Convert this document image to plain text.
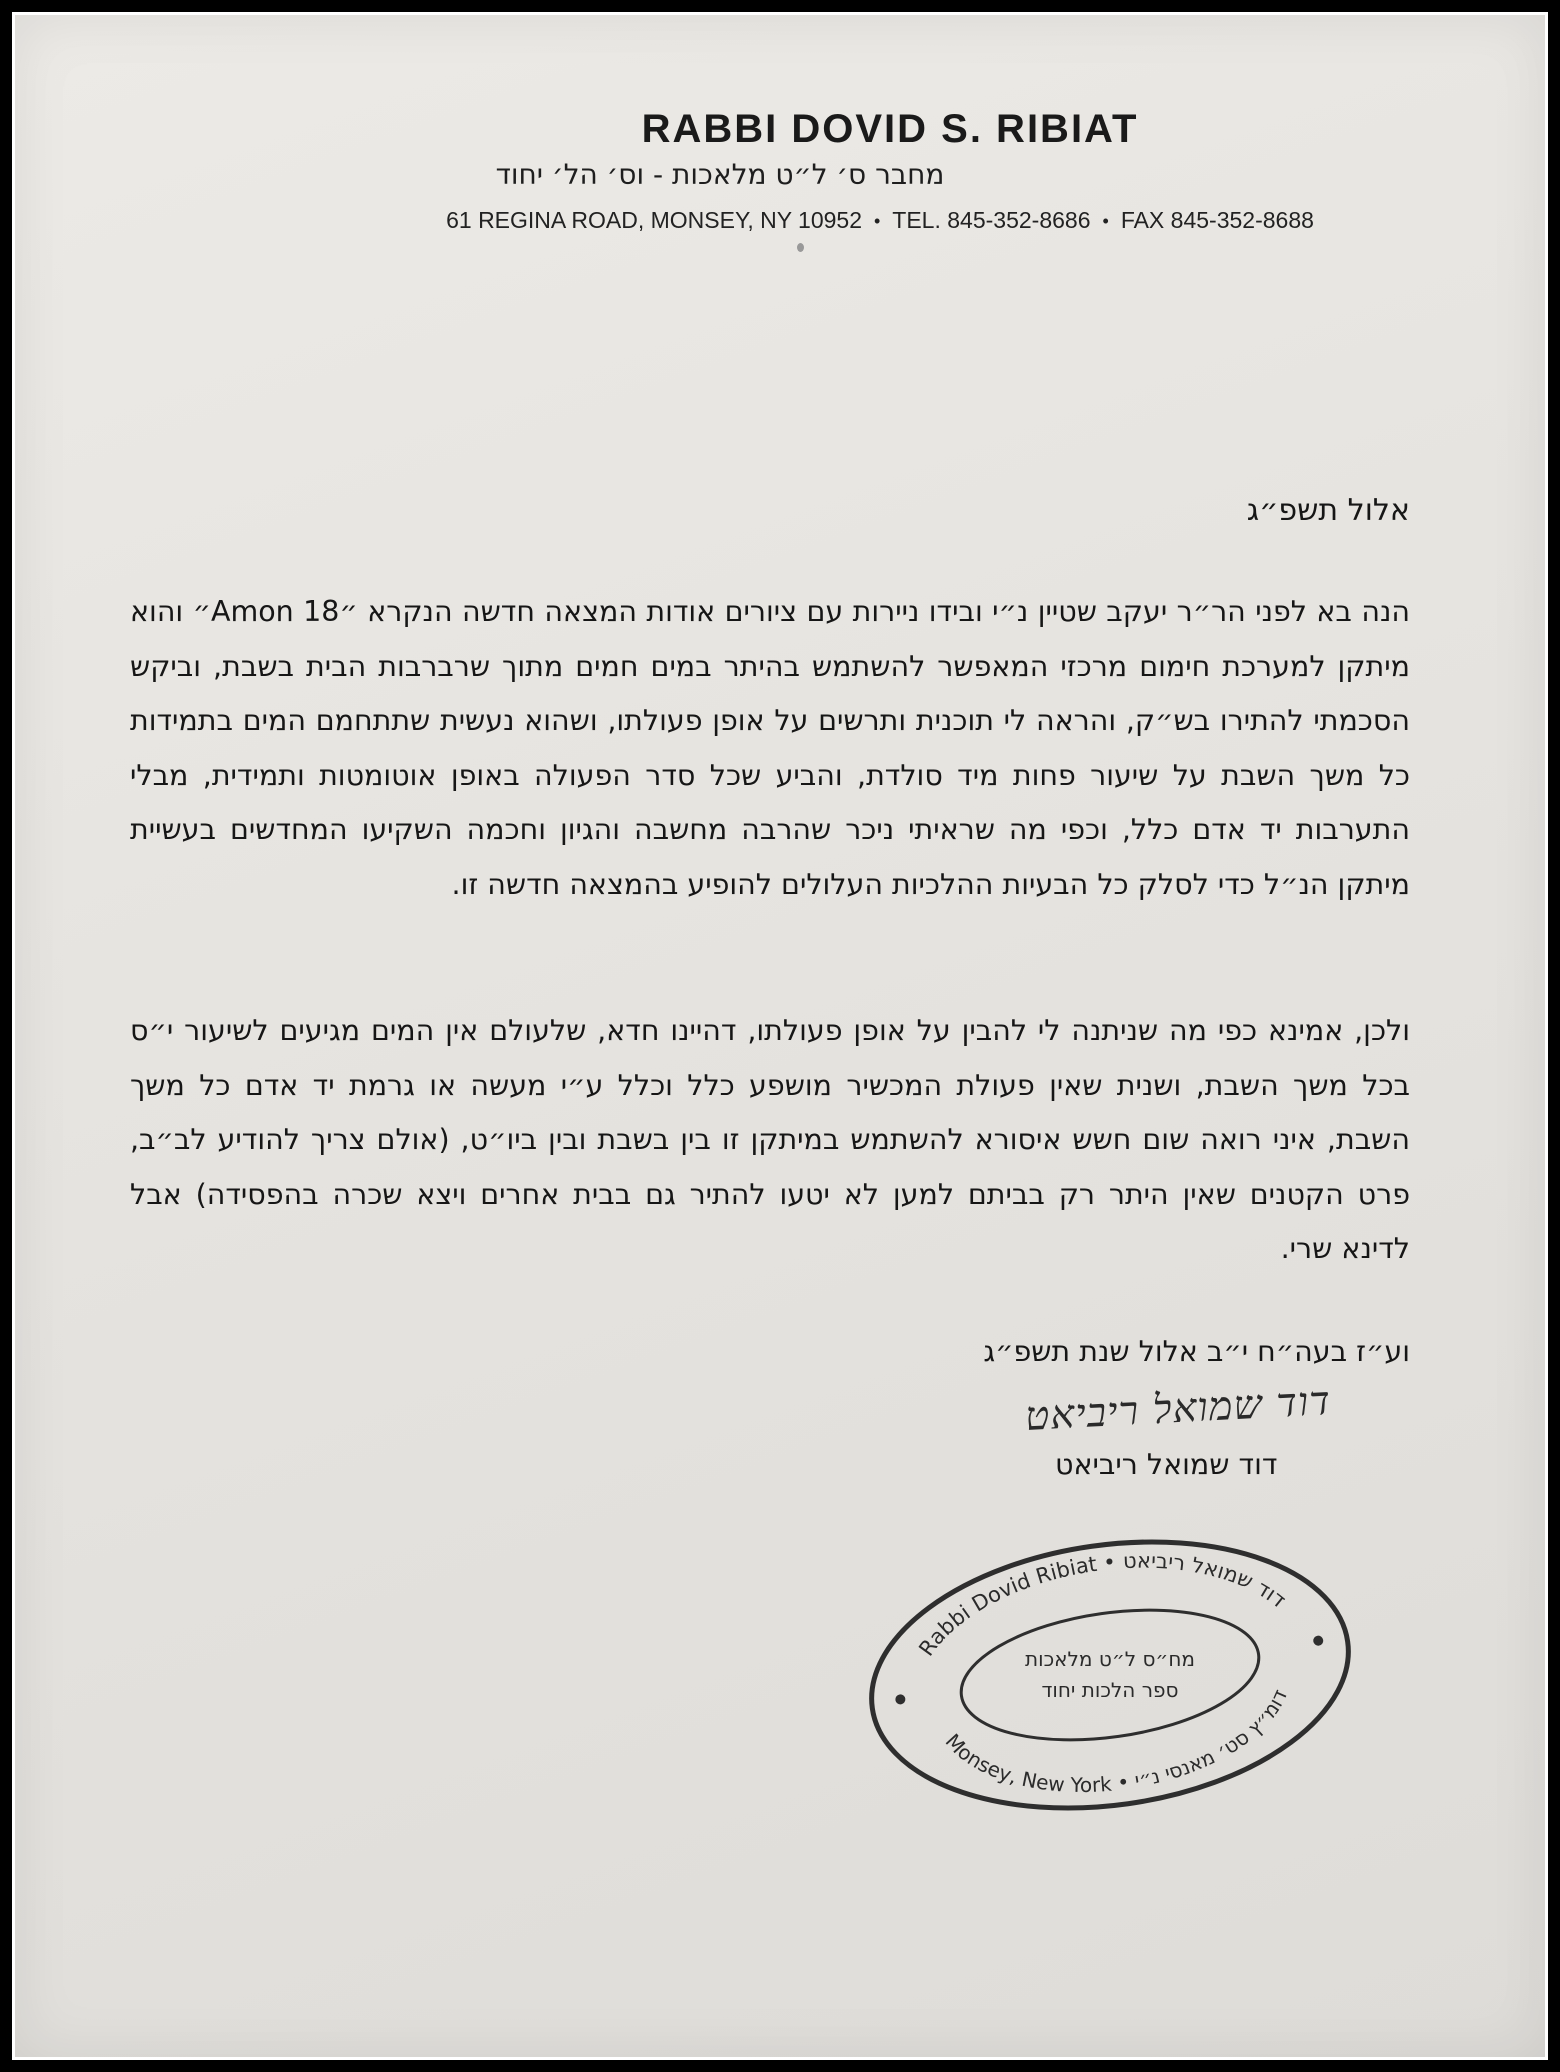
RABBI DOVID S. RIBIAT
מחבר ס׳ ל״ט מלאכות - וס׳ הל׳ יחוד
61 REGINA ROAD, MONSEY, NY 10952 • TEL. 845-352-8686 • FAX 845-352-8688
אלול תשפ״ג
הנה בא לפני הר״ר יעקב שטיין נ״י ובידו ניירות עם ציורים אודות המצאה חדשה הנקרא ״Amon 18״ והוא מיתקן למערכת חימום מרכזי המאפשר להשתמש בהיתר במים חמים מתוך שרברבות הבית בשבת, וביקש הסכמתי להתירו בש״ק, והראה לי תוכנית ותרשים על אופן פעולתו, ושהוא נעשית שתתחמם המים בתמידות כל משך השבת על שיעור פחות מיד סולדת, והביע שכל סדר הפעולה באופן אוטומטות ותמידית, מבלי התערבות יד אדם כלל, וכפי מה שראיתי ניכר שהרבה מחשבה והגיון וחכמה השקיעו המחדשים בעשיית מיתקן הנ״ל כדי לסלק כל הבעיות ההלכיות העלולים להופיע בהמצאה חדשה זו.
ולכן, אמינא כפי מה שניתנה לי להבין על אופן פעולתו, דהיינו חדא, שלעולם אין המים מגיעים לשיעור י״ס בכל משך השבת, ושנית שאין פעולת המכשיר מושפע כלל וכלל ע״י מעשה או גרמת יד אדם כל משך השבת, איני רואה שום חשש איסורא להשתמש במיתקן זו בין בשבת ובין ביו״ט, (אולם צריך להודיע לב״ב, פרט הקטנים שאין היתר רק בביתם למען לא יטעו להתיר גם בבית אחרים ויצא שכרה בהפסידה) אבל לדינא שרי.
וע״ז בעה״ח י״ב אלול שנת תשפ״ג
דוד שמואל ריביאט
דוד שמואל ריביאט
Rabbi Dovid Ribiat • דוד שמואל ריביאט
Monsey, New York • דומ״ץ סט׳ מאנסי נ״י
מח״ס ל״ט מלאכות
ספר הלכות יחוד
